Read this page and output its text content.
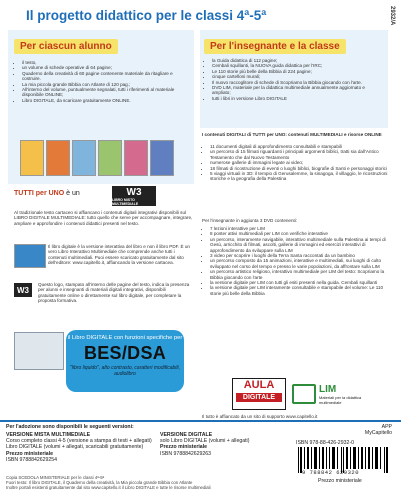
Il progetto didattico per le classi 4ª-5ª	2932/A
Per ciascun alunno
• il testo,
• un volume di schede operative di 64 pagine;
• Quaderno della creatività di 60 pagine contenente materiale da ritagliare e costruire.
• La mia piccola grande Bibbia con Atlante di 120 pag.;
• All'interno del volume, puntualmente segnalati, tutti i riferimenti al materiale disponibile ONLINE;
• Libro DIGITALE, da scaricare gratuitamente ONLINE.
Per l'insegnante e la classe
• la Guida didattica di 112 pagine;
• Cembali squillanti, la NUOVA guida didattica per l'IRC;
• Le 110 storie più belle della Bibbia di 224 pagine;
• cinque cartelloni murali;
• Il nuovo raccoglitore di schede di Scopriamo la Bibbia giocando con l'arte.
• DVD LIM, materiale per la didattica multimediale annualmente aggiornato e ampliato;
• tutti i libri in versione Libro DIGITALE
TUTTI per UNO è un	W3
LIBRO MISTO MULTIMEDIALE
Al tradizionale testo cartaceo si affiancano i contenuti digitali integrativi disponibili sul LIBRO DIGITALE MULTIMEDIALE: tutto quello che serve per accompagnare, integrare, ampliare e approfondire i contenuti didattici presenti nel testo.
Il libro digitale è la versione interattiva del libro e non il libro PDF. È un vero Libro Interattivo Multimediale che comprende anche tutti i contenuti multimediali. Puoi essere scaricato gratuitamente dal sito dell'editore: www.capitello.it, affiancando la versione cartacea.
W3
Questo logo, stampato all'interno delle pagine del testo, indica la presenza per alunni e insegnanti di materiali digitali integrativi, disponibili gratuitamente online o direttamente sul libro digitale, per completare la proposta formativa.
il Libro DIGITALE con funzioni specifiche per
BES/DSA
"libro liquido", alto contrasto, caratteri modificabili, audiolibro
I contenuti DIGITALI di TUTTI per UNO: contenuti MULTIMEDIALI e risorse ONLINE
• 11 documenti digitali di approfondimento consultabili e stampabili
• un percorso di 15 filmati riguardanti i principali argomenti biblici, tratti sia dall'Antico Testamento che dal Nuovo Testamento
• numerose gallerie di immagini legate ai video;
• 18 filmati di ricostruzione di eventi o luoghi biblici, biografie di Santi e personaggi storici
• 5 viaggi virtuali in 3D: il tempio di Gerusalemme, la sinagoga, il villaggio, le ricostruzioni storiche e la geografia della Palestina
Per l'insegnante in aggiunta 3 DVD contenenti:
• 7 lezioni interattive per LIM
• 8 poster attivi multimediali per LIM con verifiche interattive
• un percorso, interamente navigabile, interattivo multimediale sulla Palestina ai tempi di Gesù, arricchito di filmati, ascolti, gallerie di immagini ed esercizi interattivi di approfondimento da sviluppare sulla LIM
• 3 video per scoprire i luoghi della Terra Santa raccontati da un bambino
• un percorso composto da 15 animazioni, interattive e multimediali, sui luoghi di culto sviluppato nel corso del tempo e presso le varie popolazioni, da affrontare sulla LIM
• un percorso artistico religioso, interattivo multimediale per LIM del testo: Scopriamo la Bibbia giocando con l'arte
• la versione digitale per LIM con tutti gli esiti presenti nella guida. Cembali squillanti
• la versione digitale per LIM interamente consultabile e stampabile del volume: Le 110 storie più belle della Bibbia
AULA
DIGITALE
LIM
Materiali per la didattica multimediale
Il tutto è affiancato da un sito di supporto www.capitello.it
Per l'adozione sono disponibili le seguenti versioni:
VERSIONE MISTA MULTIMEDIALE
Corso completo classi 4-5 (versione a stampa di testi + allegati)
Libro DIGITALE (volumi + allegati, scaricabili gratuitamente)
Prezzo ministeriale
ISBN 9788842629254
VERSIONE DIGITALE
solo Libro DIGITALE (volumi + allegati)
Prezzo ministeriale
ISBN 9788842629263
APP
MyCapitello
ISBN 978-88-426-2932-0
9 788842 629320
Prezzo ministeriale
Copia SCEDOLA MINISTERIALE per le classi 4ª-5ª
Fuori testo: Il libro DIGITALE, il Quaderno della creatività, la Mia piccola grande Bibbia con Atlante
Inoltre portali esistenti gratuitamente dal sito www.capitello.it il Libro DIGITALE e tutte le risorse multimediali
